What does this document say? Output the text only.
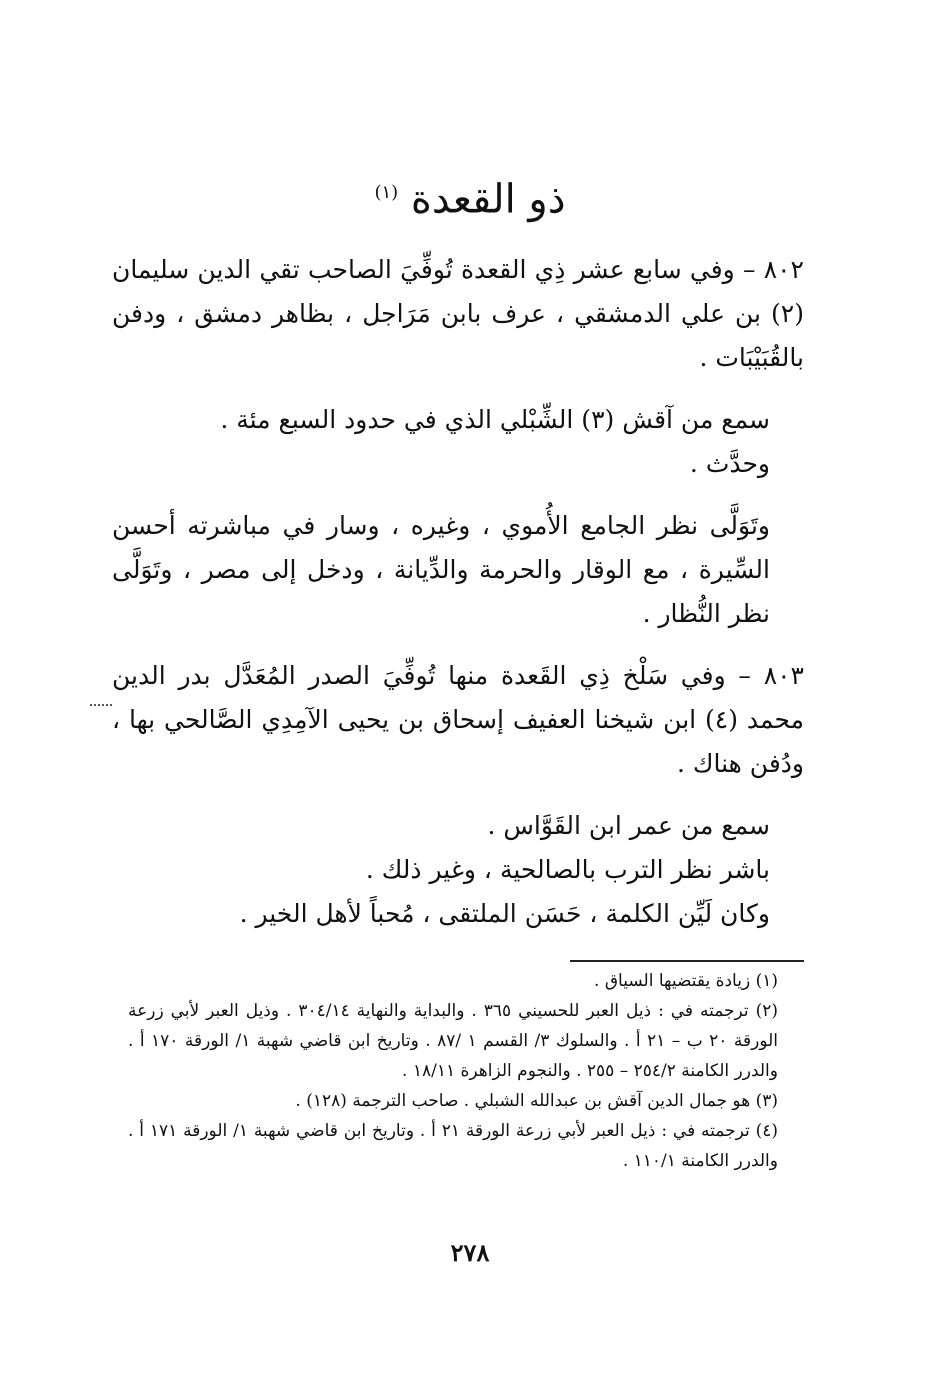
ذو القعدة $^{(١)}$

٨٠٢ – وفي سابع عشر ذِي القعدة تُوفِّيَ الصاحب تقي الدين سليمان (٢) بن علي الدمشقي ، عرف بابن مَرَاجل ، بظاهر دمشق ، ودفن بالقُبَيْبَات .

سمع من آقش (٣) الشِّبْلي الذي في حدود السبع مئة .

وحدَّث .

وتَوَلَّى نظر الجامع الأُموي ، وغيره ، وسار في مباشرته أحسن السِّيرة ، مع الوقار والحرمة والدِّيانة ، ودخل إلى مصر ، وتَوَلَّى نظر النُّظار .

٨٠٣ – وفي سَلْخ ذِي القَعدة منها تُوفِّيَ الصدر المُعَدَّل بدر الدين محمد (٤) ابن شيخنا العفيف إسحاق بن يحيى الآمِدِي الصَّالحي بها ، ودُفن هناك .

سمع من عمر ابن القَوَّاس .

باشر نظر الترب بالصالحية ، وغير ذلك .

وكان لَيِّن الكلمة ، حَسَن الملتقى ، مُحباً لأهل الخير .

(١) زيادة يقتضيها السياق .

(٢) ترجمته في : ذيل العبر للحسيني ٣٦٥ . والبداية والنهاية ٣٠٤/١٤ . وذيل العبر لأبي زرعة الورقة ٢٠ ب – ٢١ أ . والسلوك ٣/ القسم ١ /٨٧ . وتاريخ ابن قاضي شهبة ١/ الورقة ١٧٠ أ . والدرر الكامنة ٢٥٤/٢ – ٢٥٥ . والنجوم الزاهرة ١٨/١١ .

(٣) هو جمال الدين آقش بن عبدالله الشبلي . صاحب الترجمة (١٢٨) .

(٤) ترجمته في : ذيل العبر لأبي زرعة الورقة ٢١ أ . وتاريخ ابن قاضي شهبة ١/ الورقة ١٧١ أ . والدرر الكامنة ١١٠/١ .

٢٧٨
